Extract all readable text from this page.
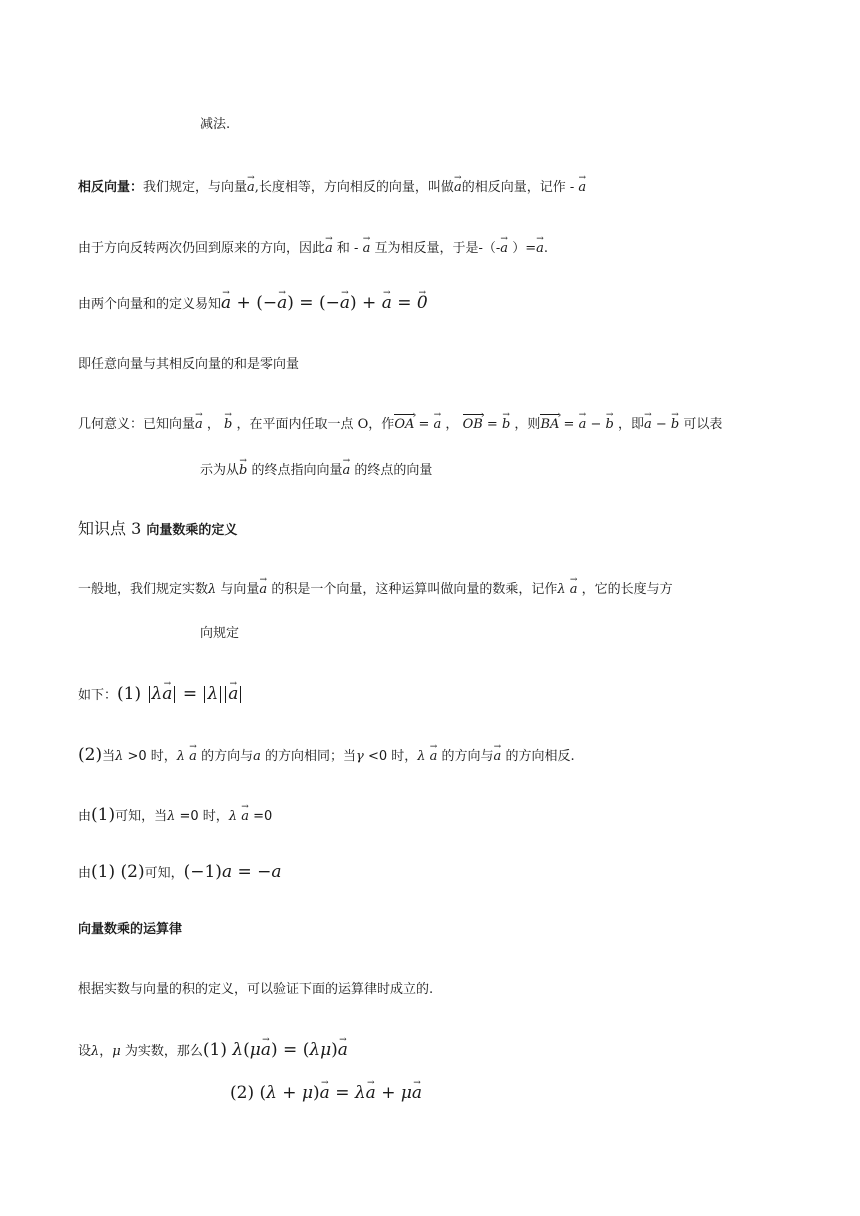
减法.
相反向量：我们规定，与向量→ a,长度相等，方向相反的向量，叫做→ a的相反向量，记作 - → a
由于方向反转两次仍回到原来的方向，因此→ a 和 - → a 互为相反量，于是-（-→ a ）=→ a.
由两个向量和的定义易知→ a + (−→ a) = (−→ a) + → a = → 0
即任意向量与其相反向量的和是零向量
几何意义：已知向量→ a ， → b ，在平面内任取一点 O，作OA › = → a ， OB › = → b ，则BA › = → a − → b ，即→ a − → b 可以表
示为从→ b 的终点指向向量→ a 的终点的向量
知识点 3 向量数乘的定义
一般地，我们规定实数λ 与向量→ a 的积是一个向量，这种运算叫做向量的数乘，记作λ → a ，它的长度与方
向规定
如下：(1) λ→ a = λ → a
(2)当λ >0 时，λ → a 的方向与a 的方向相同；当γ <0 时，λ → a 的方向与→ a 的方向相反.
由(1)可知，当λ =0 时，λ → a =0
由(1) (2)可知，(−1)a = −a
向量数乘的运算律
根据实数与向量的积的定义，可以验证下面的运算律时成立的.
设λ，μ 为实数，那么(1) λ(μ→ a) = (λμ)→ a
(2) (λ + μ)→ a = λ→ a + μ→ a
